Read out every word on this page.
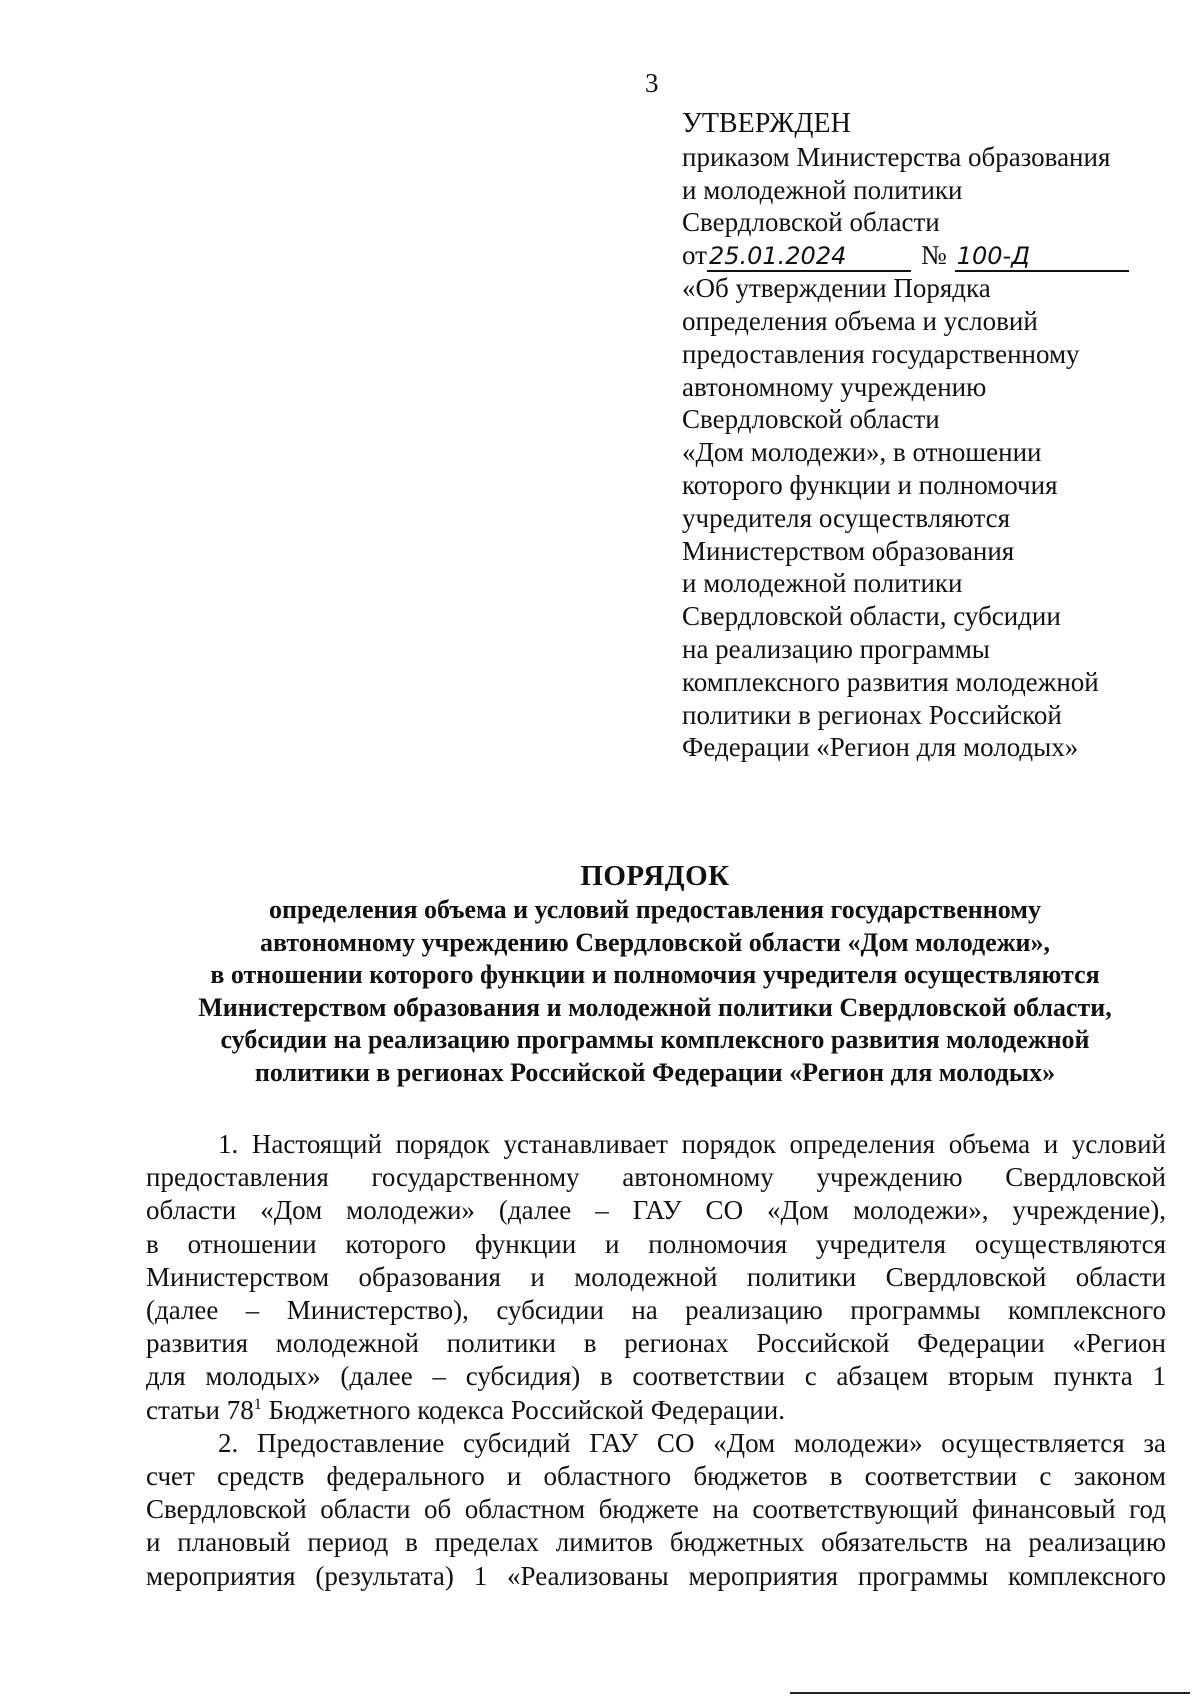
3
УТВЕРЖДЕН
приказом Министерства образования
и молодежной политики
Свердловской области
от25.01.2024	№ 100-Д
«Об утверждении Порядка
определения объема и условий
предоставления государственному
автономному учреждению
Свердловской области
«Дом молодежи», в отношении
которого функции и полномочия
учредителя осуществляются
Министерством образования
и молодежной политики
Свердловской области, субсидии
на реализацию программы
комплексного развития молодежной
политики в регионах Российской
Федерации «Регион для молодых»
ПОРЯДОК
определения объема и условий предоставления государственному
автономному учреждению Свердловской области «Дом молодежи»,
в отношении которого функции и полномочия учредителя осуществляются
Министерством образования и молодежной политики Свердловской области,
субсидии на реализацию программы комплексного развития молодежной
политики в регионах Российской Федерации «Регион для молодых»
1. Настоящий порядок устанавливает порядок определения объема и условий
предоставления государственному автономному учреждению Свердловской
области «Дом молодежи» (далее – ГАУ СО «Дом молодежи», учреждение),
в отношении которого функции и полномочия учредителя осуществляются
Министерством образования и молодежной политики Свердловской области
(далее – Министерство), субсидии на реализацию программы комплексного
развития молодежной политики в регионах Российской Федерации «Регион
для молодых» (далее – субсидия) в соответствии с абзацем вторым пункта 1
статьи $78^1$ Бюджетного кодекса Российской Федерации.
2. Предоставление субсидий ГАУ СО «Дом молодежи» осуществляется за
счет средств федерального и областного бюджетов в соответствии с законом
Свердловской области об областном бюджете на соответствующий финансовый год
и плановый период в пределах лимитов бюджетных обязательств на реализацию
мероприятия (результата) 1 «Реализованы мероприятия программы комплексного
